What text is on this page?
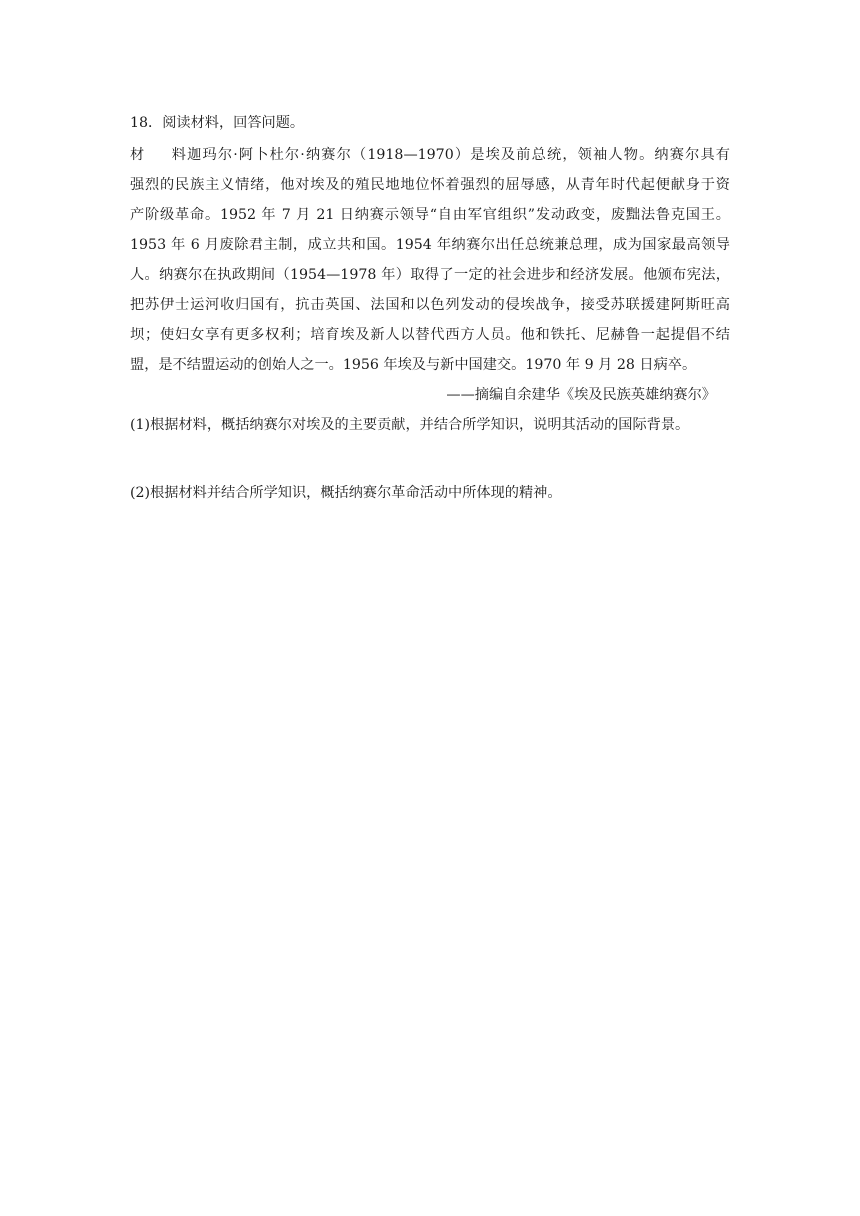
18．阅读材料，回答问题。

材料迦玛尔·阿卜杜尔·纳赛尔（1918—1970）是埃及前总统，领袖人物。纳赛尔具有

强烈的民族主义情绪，他对埃及的殖民地地位怀着强烈的屈辱感，从青年时代起便献身于资

产阶级革命。1952 年 7 月 21 日纳赛示领导“自由军官组织”发动政变，废黜法鲁克国王。

1953 年 6 月废除君主制，成立共和国。1954 年纳赛尔出任总统兼总理，成为国家最高领导

人。纳赛尔在执政期间（1954—1978 年）取得了一定的社会进步和经济发展。他颁布宪法，

把苏伊士运河收归国有，抗击英国、法国和以色列发动的侵埃战争，接受苏联援建阿斯旺高

坝；使妇女享有更多权利；培育埃及新人以替代西方人员。他和铁托、尼赫鲁一起提倡不结

盟，是不结盟运动的创始人之一。1956 年埃及与新中国建交。1970 年 9 月 28 日病卒。

——摘编自余建华《埃及民族英雄纳赛尔》

(1)根据材料，概括纳赛尔对埃及的主要贡献，并结合所学知识，说明其活动的国际背景。

(2)根据材料并结合所学知识，概括纳赛尔革命活动中所体现的精神。
